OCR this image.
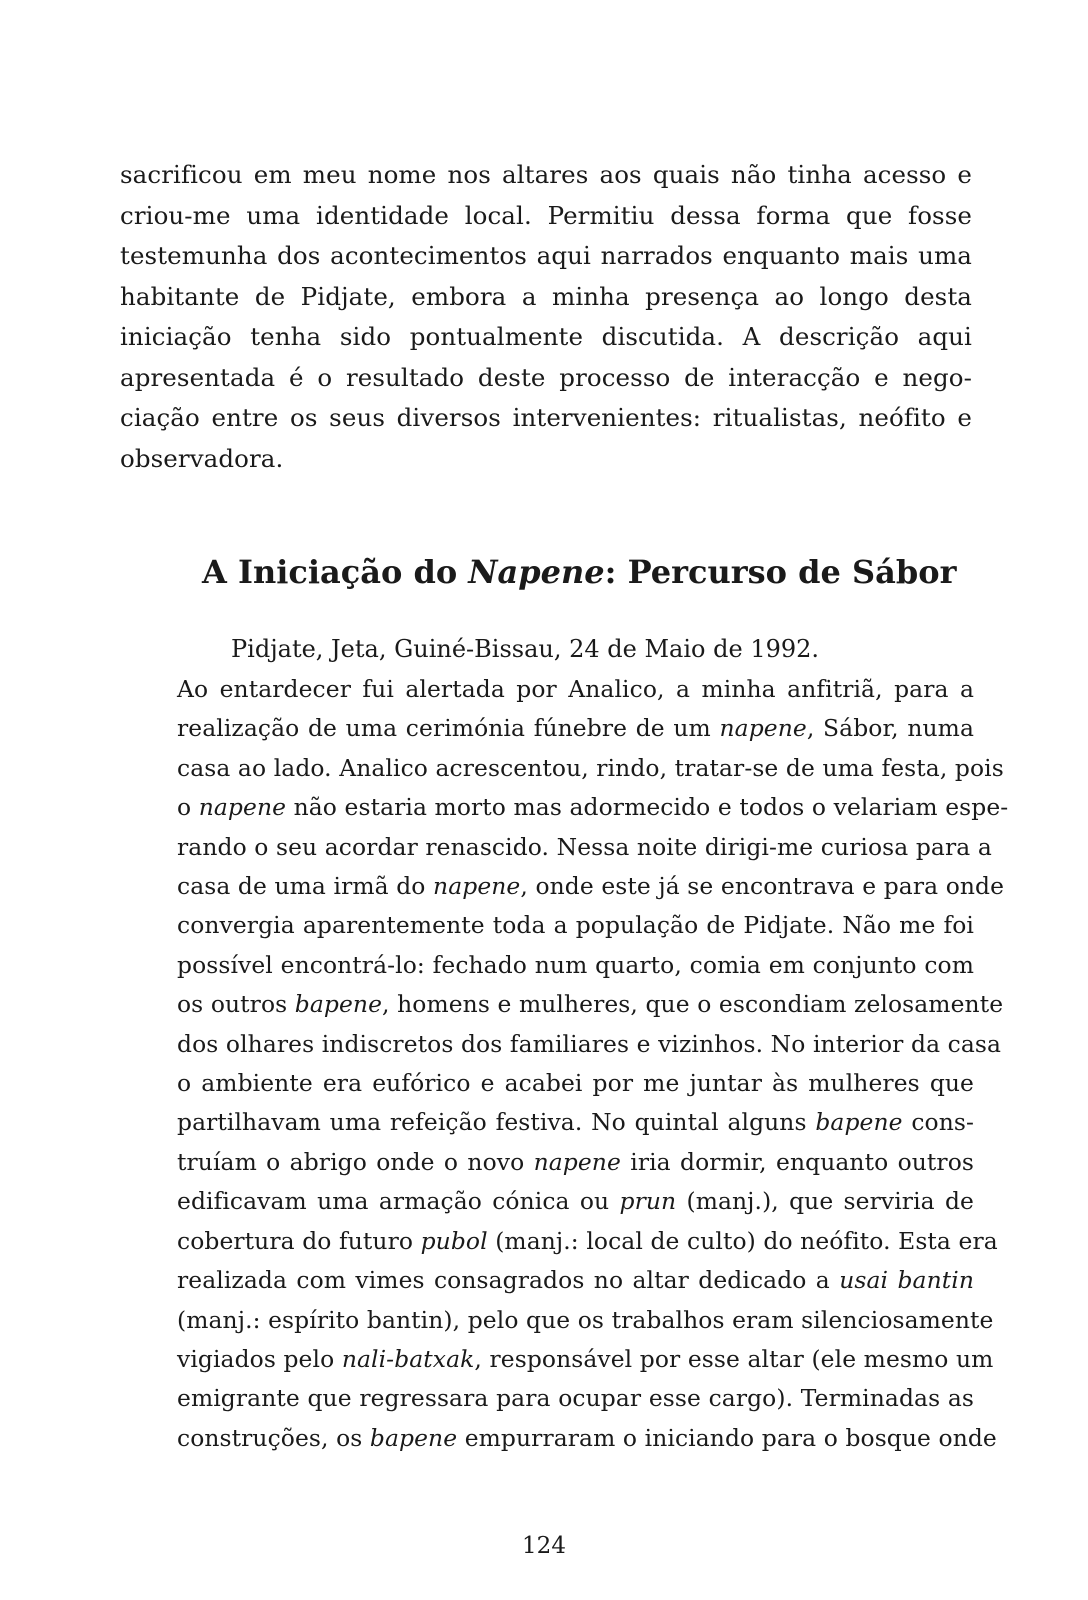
sacrificou em meu nome nos altares aos quais não tinha acesso e
criou-me uma identidade local. Permitiu dessa forma que fosse
testemunha dos acontecimentos aqui narrados enquanto mais uma
habitante de Pidjate, embora a minha presença ao longo desta
iniciação tenha sido pontualmente discutida. A descrição aqui
apresentada é o resultado deste processo de interacção e nego-
ciação entre os seus diversos intervenientes: ritualistas, neófito e
observadora.
A Iniciação do Napene: Percurso de Sábor
Pidjate, Jeta, Guiné-Bissau, 24 de Maio de 1992.
Ao entardecer fui alertada por Analico, a minha anfitriã, para a
realização de uma cerimónia fúnebre de um napene, Sábor, numa
casa ao lado. Analico acrescentou, rindo, tratar-se de uma festa, pois
o napene não estaria morto mas adormecido e todos o velariam espe-
rando o seu acordar renascido. Nessa noite dirigi-me curiosa para a
casa de uma irmã do napene, onde este já se encontrava e para onde
convergia aparentemente toda a população de Pidjate. Não me foi
possível encontrá-lo: fechado num quarto, comia em conjunto com
os outros bapene, homens e mulheres, que o escondiam zelosamente
dos olhares indiscretos dos familiares e vizinhos. No interior da casa
o ambiente era eufórico e acabei por me juntar às mulheres que
partilhavam uma refeição festiva. No quintal alguns bapene cons-
truíam o abrigo onde o novo napene iria dormir, enquanto outros
edificavam uma armação cónica ou prun (manj.), que serviria de
cobertura do futuro pubol (manj.: local de culto) do neófito. Esta era
realizada com vimes consagrados no altar dedicado a usai bantin
(manj.: espírito bantin), pelo que os trabalhos eram silenciosamente
vigiados pelo nali-batxak, responsável por esse altar (ele mesmo um
emigrante que regressara para ocupar esse cargo). Terminadas as
construções, os bapene empurraram o iniciando para o bosque onde
124
